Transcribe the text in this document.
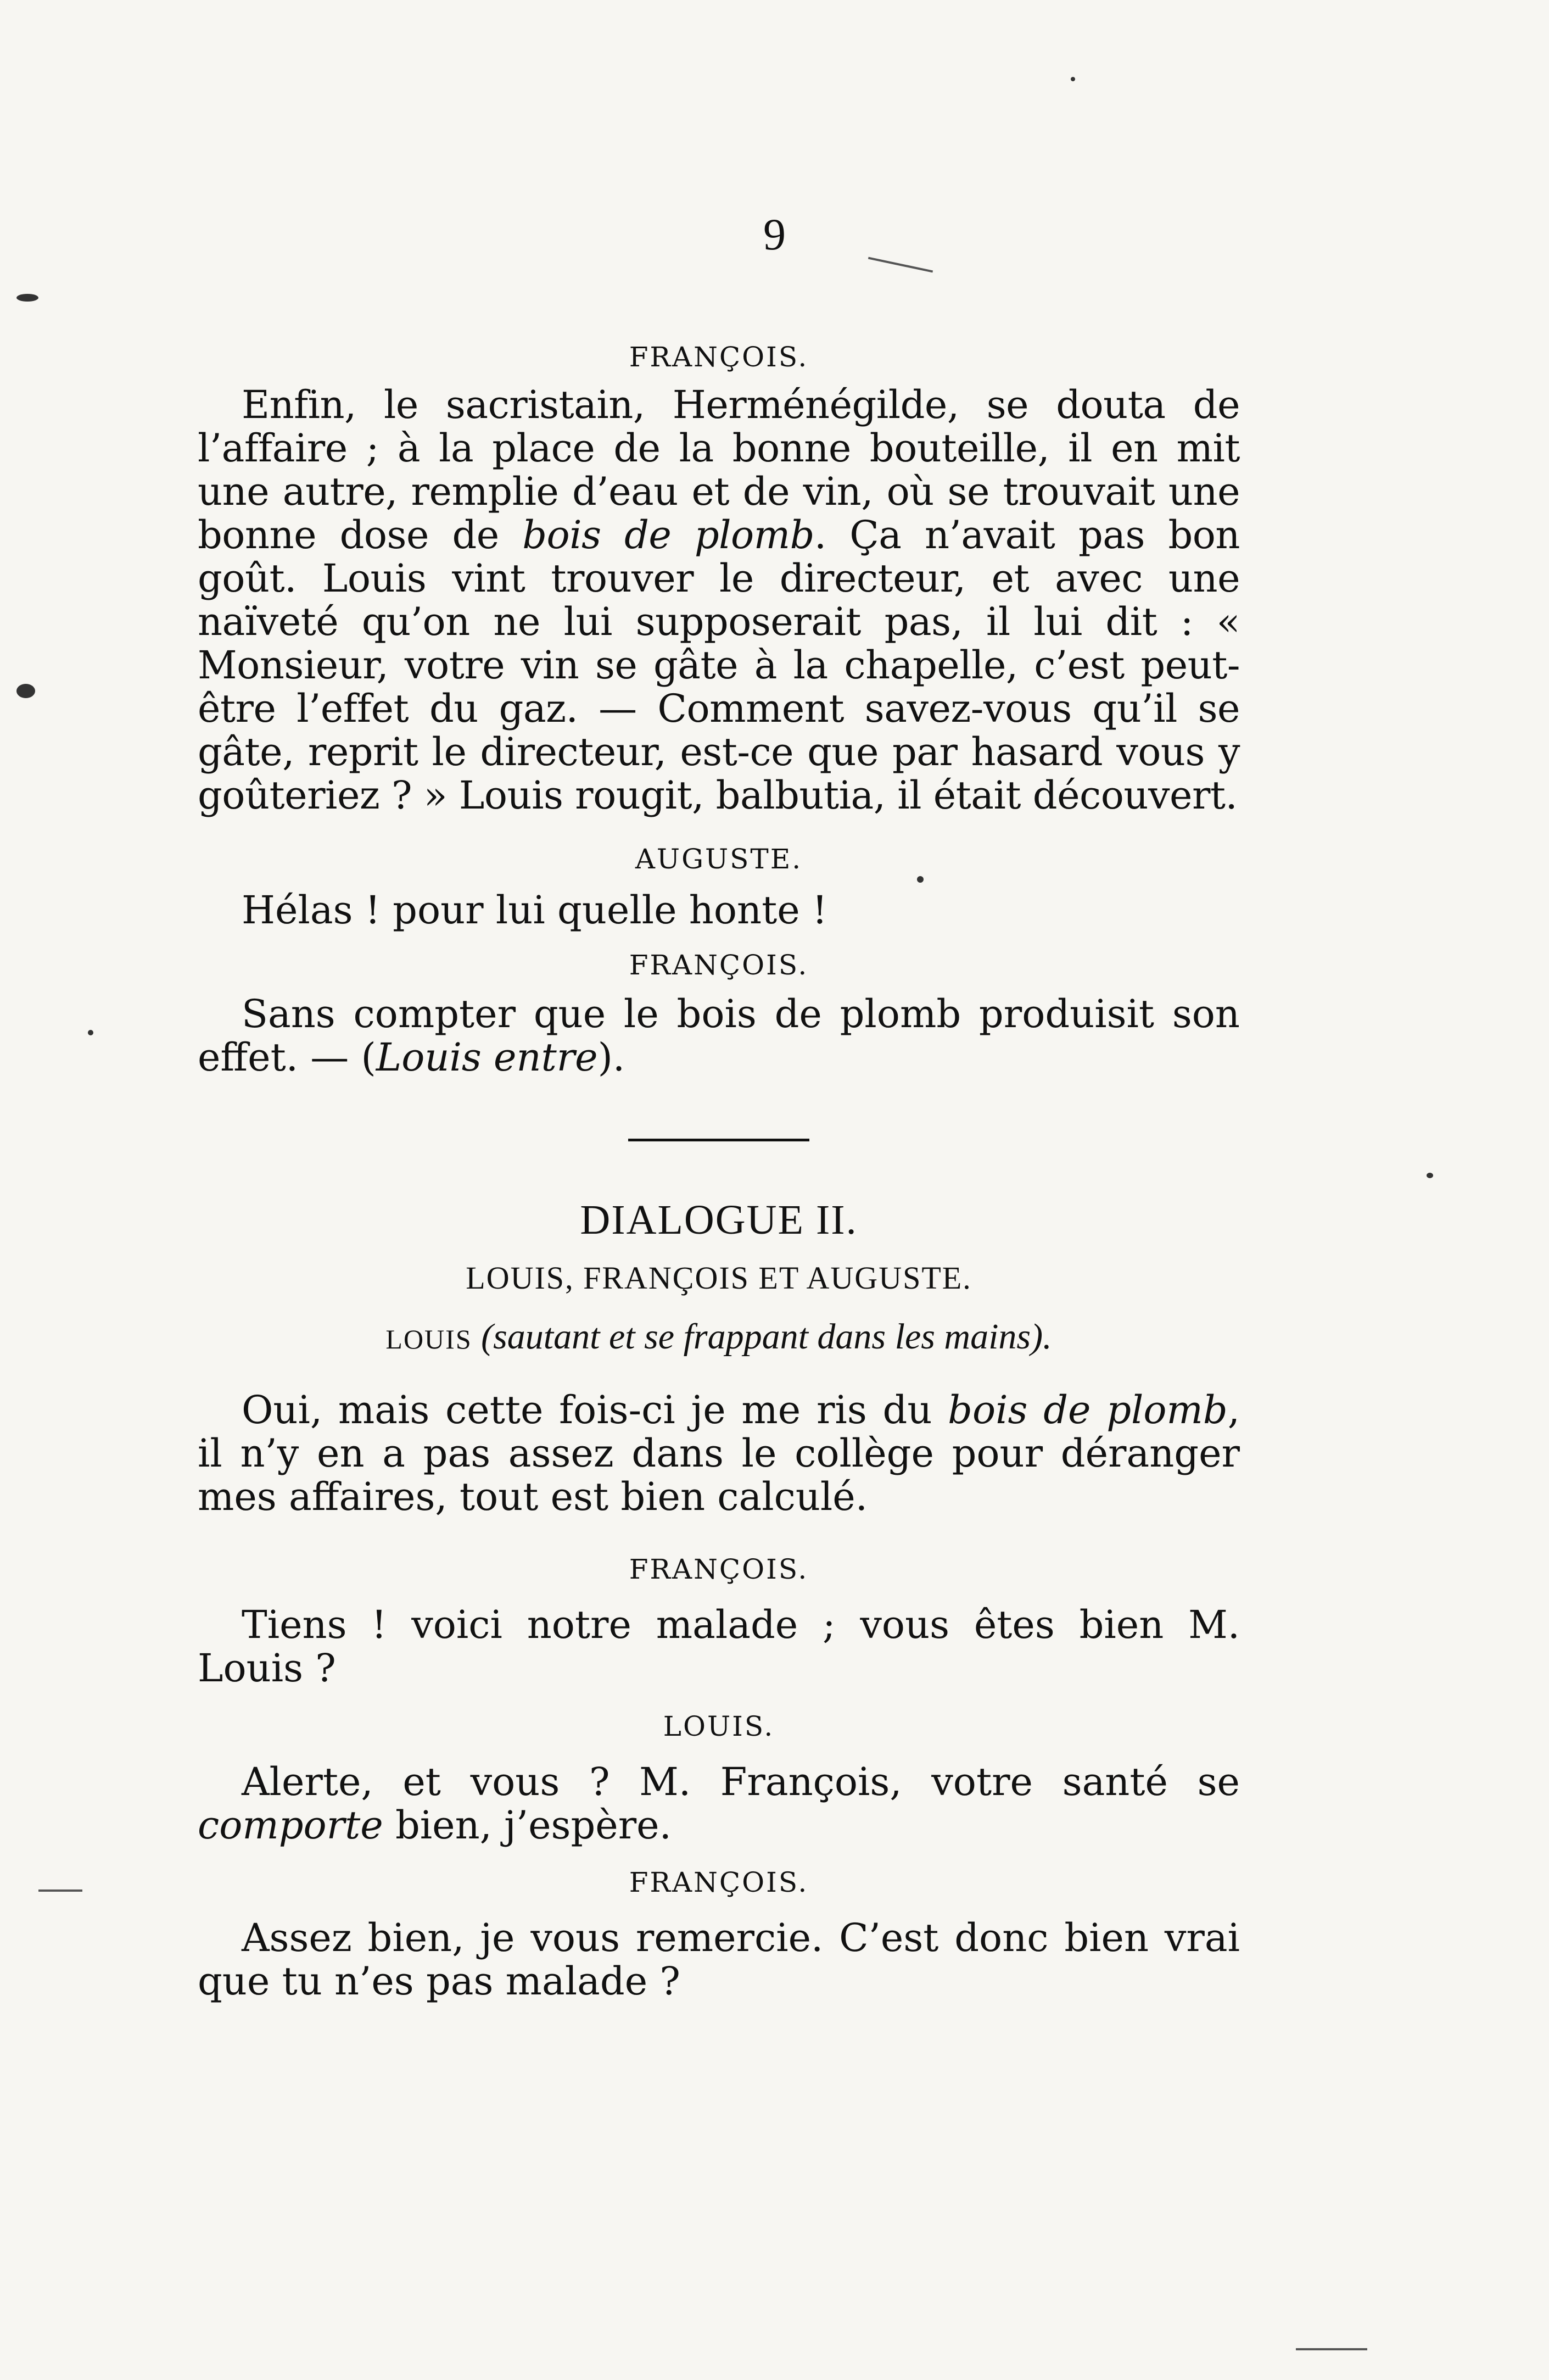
9
FRANÇOIS.

Enfin, le sacristain, Herménégilde, se douta de l’affaire ; à la place de la bonne bouteille, il en mit une autre, remplie d’eau et de vin, où se trouvait une bonne dose de bois de plomb. Ça n’avait pas bon goût. Louis vint trouver le directeur, et avec une naïveté qu’on ne lui supposerait pas, il lui dit : « Monsieur, votre vin se gâte à la chapelle, c’est peut-être l’effet du gaz. — Comment savez-vous qu’il se gâte, reprit le directeur, est-ce que par hasard vous y goûteriez ? » Louis rougit, balbutia, il était découvert.

AUGUSTE.

Hélas ! pour lui quelle honte !

FRANÇOIS.

Sans compter que le bois de plomb produisit son effet. — (Louis entre).

DIALOGUE II.
LOUIS, FRANÇOIS ET AUGUSTE.
LOUIS (sautant et se frappant dans les mains).

Oui, mais cette fois-ci je me ris du bois de plomb, il n’y en a pas assez dans le collège pour déranger mes affaires, tout est bien calculé.

FRANÇOIS.

Tiens ! voici notre malade ; vous êtes bien M. Louis ?

LOUIS.

Alerte, et vous ? M. François, votre santé se comporte bien, j’espère.

FRANÇOIS.

Assez bien, je vous remercie. C’est donc bien vrai que tu n’es pas malade ?
